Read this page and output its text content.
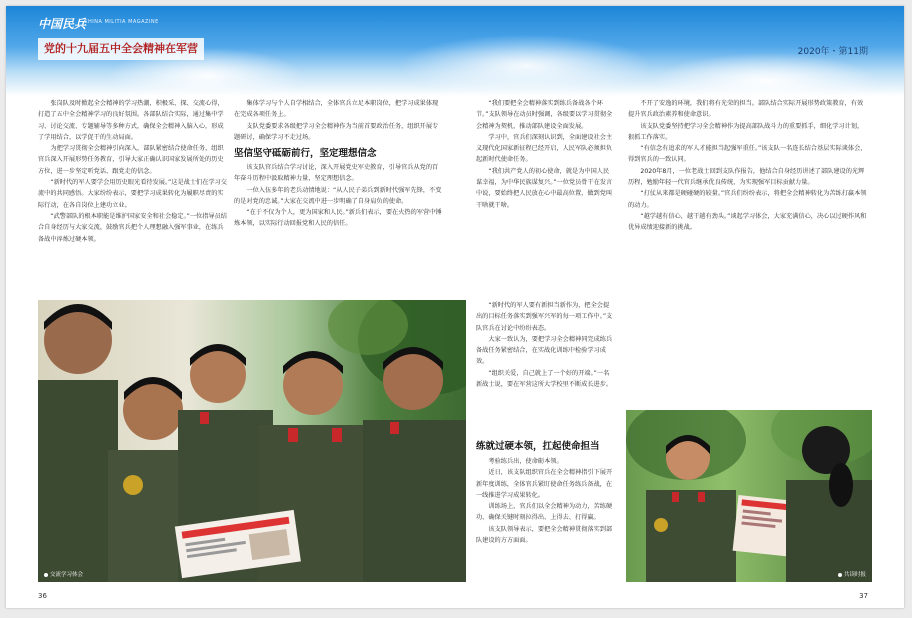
中国民兵
CHINA MILITIA MAGAZINE
党的十九届五中全会精神在军营	2020年・第11期

张岗队及时掀起全会精神的学习热潮，积极采、探、交流心得，打造了五中全会精神学习的良好氛围。各部队结合实际，通过集中学习、讨论交流、专题辅导等多种方式，确保全会精神入脑入心，形成了学用结合、以学促干的生动局面。

为把学习贯彻全会精神引向深入，部队紧密结合使命任务，组织官兵深入开展形势任务教育，引导大家正确认识国家发展所处的历史方位，进一步坚定听党话、跟党走的信念。

“新时代的军人要学会用历史眼光看待发展。”这是战士们在学习交流中的共同感悟。大家纷纷表示，要把学习成果转化为履职尽责的实际行动，在各自岗位上建功立业。

“武警部队的根本职能是维护国家安全和社会稳定。”一位指导员结合自身经历与大家交流，鼓励官兵把个人理想融入强军事业，在练兵备战中淬炼过硬本领。

集体学习与个人自学相结合，全体官兵立足本职岗位，把学习成果体现在完成各项任务上。

支队党委要求各级把学习全会精神作为当前首要政治任务，组织开展专题研讨，确保学习不走过场。

坚信坚守砥砺前行，坚定理想信念

该支队官兵结合学习讨论，深入开展党史军史教育，引导官兵从党的百年奋斗历程中汲取精神力量，坚定理想信念。

一位入伍多年的老兵动情地说：“从人民子弟兵到新时代强军先锋，不变的是对党的忠诚。”大家在交流中进一步明确了自身肩负的使命。

“在于不仅为个人，更为国家和人民。”新兵们表示，要在火热的军营中锤炼本领，以实际行动回报党和人民的信任。

交流学习体会

“我们要把全会精神落实到练兵备战各个环节。”支队领导在动员时强调，各级要以学习贯彻全会精神为契机，推动部队建设全面发展。

学习中，官兵们深刻认识到，全面建设社会主义现代化国家新征程已经开启，人民军队必须担负起新时代使命任务。

“我们共产党人的初心使命，就是为中国人民谋幸福，为中华民族谋复兴。”一位党员骨干在发言中说，要始终把人民放在心中最高位置，做到党叫干啥就干啥。

“新时代的军人要有新担当新作为，把全会提出的目标任务落实到强军兴军的每一项工作中。”支队官兵在讨论中纷纷表态。

大家一致认为，要把学习全会精神同完成练兵备战任务紧密结合，在实战化训练中检验学习成效。

“组织关爱，自己就上了一个好的开端。”一名新战士说，要在军营这所大学校里不断成长进步。

练就过硬本领，扛起使命担当

考验练兵出，使命砺本领。

近日，该支队组织官兵在全会精神指引下展开新年度训练，全体官兵紧盯使命任务练兵备战，在一线推进学习成果转化。

训练场上，官兵们以全会精神为动力，苦练硬功，确保关键时刻拉得出、上得去、打得赢。

该支队领导表示，要把全会精神贯彻落实到部队建设的方方面面。

不开了安逸的环境，我们将有光荣的担当。部队结合实际开展形势政策教育，有效提升官兵政治素养和使命意识。

该支队党委坚持把学习全会精神作为提高部队战斗力的重要抓手，细化学习计划，狠抓工作落实。

“有信念有追求的军人才能担当起强军重任。”该支队一名连长结合基层实际谈体会，得到官兵的一致认同。

2020年8月，一位老战士回到支队作报告，他结合自身经历讲述了部队建设的光辉历程，勉励年轻一代官兵继承优良传统，为实现强军目标贡献力量。

“打仗从来都是硬碰硬的较量。”官兵们纷纷表示，将把全会精神转化为苦练打赢本领的动力。

“越学越有信心，越干越有劲头。”谈起学习体会，大家充满信心，决心以过硬作风和优异成绩迎接新的挑战。

共读时报
36	37
